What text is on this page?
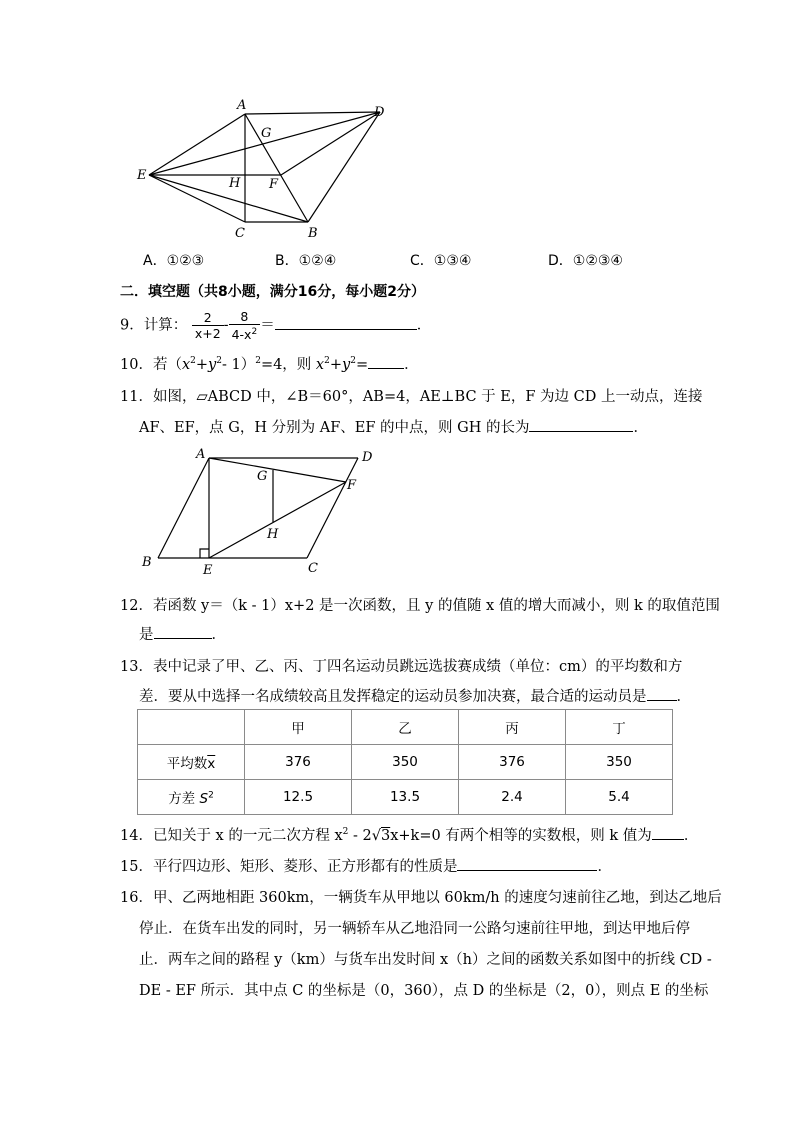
A	D
G
E
H F
C	B
A．①②③	B．①②④	C．①③④	D．①②③④
二．填空题（共8小题，满分16分，每小题2分）
9．计算： $\frac{2}{x+2} - \frac{8}{4-x^2}$ ＝	．
10．若（$x^2+y^2-$ 1）$^2$=4，则 $x^2+y^2=$ ．
11．如图，▱ABCD 中，∠B＝60°，AB=4，AE⊥BC 于 E，F 为边 CD 上一动点，连接
AF、EF，点 G，H 分别为 AF、EF 的中点，则 GH 的长为	．
A	D
G
F
H
B
E	C
12．若函数 y＝（k - 1）x+2 是一次函数，且 y 的值随 x 值的增大而减小，则 k 的取值范围
是	．
13．表中记录了甲、乙、丙、丁四名运动员跳远选拔赛成绩（单位：cm）的平均数和方
差．要从中选择一名成绩较高且发挥稳定的运动员参加决赛，最合适的运动员是 ．
	甲	乙	丙	丁
平均数$\overline{x}$	376	350	376	350
方差 $S^2$	12.5	13.5	2.4	5.4
14．已知关于 x 的一元二次方程 $x^2 - 2√3x+k=0$ 有两个相等的实数根，则 k 值为 ．
15．平行四边形、矩形、菱形、正方形都有的性质是	．
16．甲、乙两地相距 360km，一辆货车从甲地以 60km/h 的速度匀速前往乙地，到达乙地后
停止．在货车出发的同时，另一辆轿车从乙地沿同一公路匀速前往甲地，到达甲地后停
止．两车之间的路程 y（km）与货车出发时间 x（h）之间的函数关系如图中的折线 CD -
DE - EF 所示．其中点 C 的坐标是（0，360），点 D 的坐标是（2，0），则点 E 的坐标
